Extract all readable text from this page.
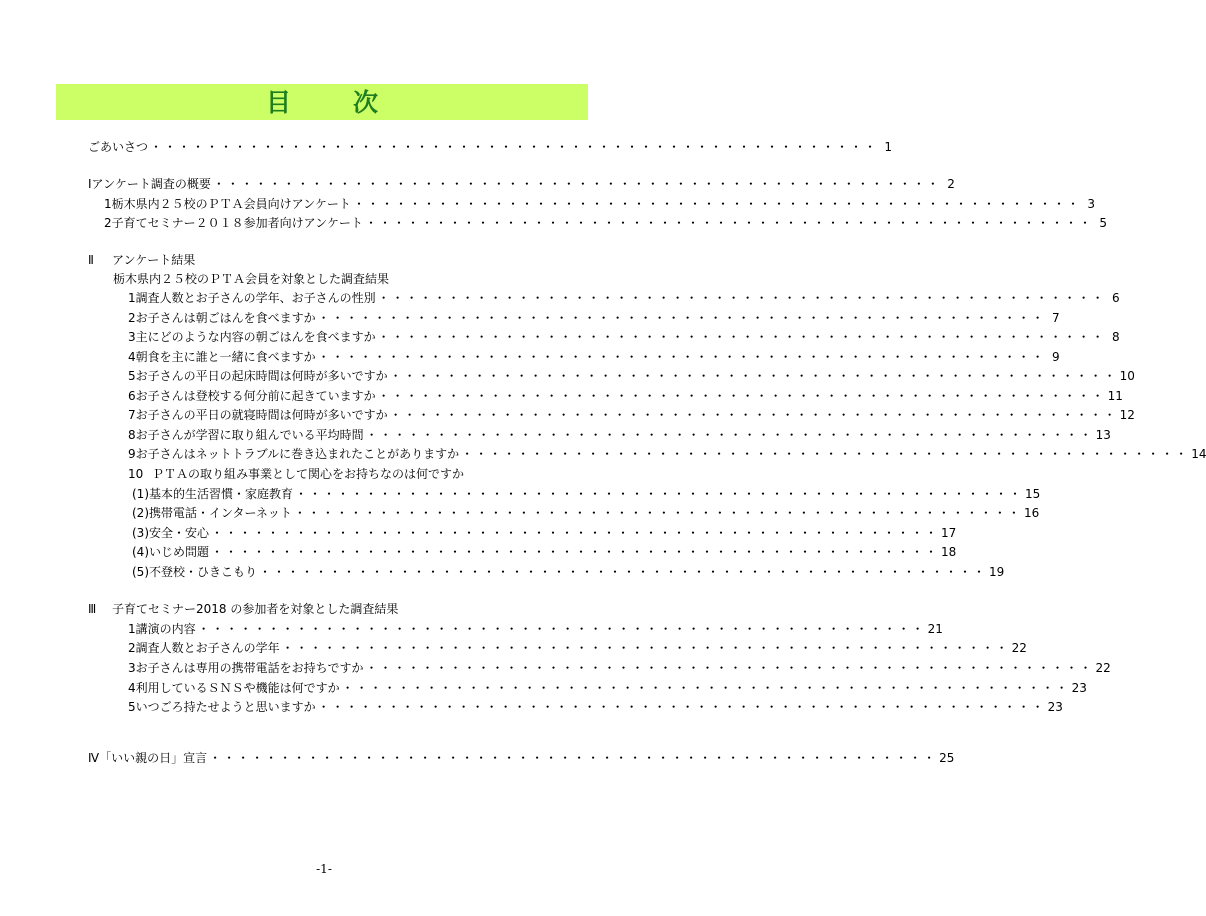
目 次
ごあいさつ ・・・・・・・・・・・・・・・・・・・・・・・・・・・・・・・・・・・・・・・・・・・・・・・・・・・・ 1
Ⅰ アンケート調査の概要 ・・・・・・・・・・・・・・・・・・・・・・・・・・・・・・・・・・・・・・・・・・・・・・・・・・・・ 2
1 栃木県内２５校のＰＴＡ会員向けアンケート ・・・・・・・・・・・・・・・・・・・・・・・・・・・・・・・・・・・・・・・・・・・・・・・・・・・・ 3
2 子育てセミナー２０１８参加者向けアンケート ・・・・・・・・・・・・・・・・・・・・・・・・・・・・・・・・・・・・・・・・・・・・・・・・・・・・ 5
Ⅱ アンケート結果
栃木県内２５校のＰＴＡ会員を対象とした調査結果
1 調査人数とお子さんの学年、お子さんの性別 ・・・・・・・・・・・・・・・・・・・・・・・・・・・・・・・・・・・・・・・・・・・・・・・・・・・・ 6
2 お子さんは朝ごはんを食べますか ・・・・・・・・・・・・・・・・・・・・・・・・・・・・・・・・・・・・・・・・・・・・・・・・・・・・ 7
3 主にどのような内容の朝ごはんを食べますか ・・・・・・・・・・・・・・・・・・・・・・・・・・・・・・・・・・・・・・・・・・・・・・・・・・・・ 8
4 朝食を主に誰と一緒に食べますか ・・・・・・・・・・・・・・・・・・・・・・・・・・・・・・・・・・・・・・・・・・・・・・・・・・・・ 9
5 お子さんの平日の起床時間は何時が多いですか ・・・・・・・・・・・・・・・・・・・・・・・・・・・・・・・・・・・・・・・・・・・・・・・・・・・・ 10
6 お子さんは登校する何分前に起きていますか ・・・・・・・・・・・・・・・・・・・・・・・・・・・・・・・・・・・・・・・・・・・・・・・・・・・・ 11
7 お子さんの平日の就寝時間は何時が多いですか ・・・・・・・・・・・・・・・・・・・・・・・・・・・・・・・・・・・・・・・・・・・・・・・・・・・・ 12
8 お子さんが学習に取り組んでいる平均時間 ・・・・・・・・・・・・・・・・・・・・・・・・・・・・・・・・・・・・・・・・・・・・・・・・・・・・ 13
9 お子さんはネットトラブルに巻き込まれたことがありますか ・・・・・・・・・・・・・・・・・・・・・・・・・・・・・・・・・・・・・・・・・・・・・・・・・・・・ 14
10 ＰＴＡの取り組み事業として関心をお持ちなのは何ですか
(1) 基本的生活習慣・家庭教育 ・・・・・・・・・・・・・・・・・・・・・・・・・・・・・・・・・・・・・・・・・・・・・・・・・・・・ 15
(2) 携帯電話・インターネット ・・・・・・・・・・・・・・・・・・・・・・・・・・・・・・・・・・・・・・・・・・・・・・・・・・・・ 16
(3) 安全・安心 ・・・・・・・・・・・・・・・・・・・・・・・・・・・・・・・・・・・・・・・・・・・・・・・・・・・・ 17
(4) いじめ問題 ・・・・・・・・・・・・・・・・・・・・・・・・・・・・・・・・・・・・・・・・・・・・・・・・・・・・ 18
(5) 不登校・ひきこもり ・・・・・・・・・・・・・・・・・・・・・・・・・・・・・・・・・・・・・・・・・・・・・・・・・・・・ 19
Ⅲ 子育てセミナー2018 の参加者を対象とした調査結果
1 講演の内容 ・・・・・・・・・・・・・・・・・・・・・・・・・・・・・・・・・・・・・・・・・・・・・・・・・・・・ 21
2 調査人数とお子さんの学年 ・・・・・・・・・・・・・・・・・・・・・・・・・・・・・・・・・・・・・・・・・・・・・・・・・・・・ 22
3 お子さんは専用の携帯電話をお持ちですか ・・・・・・・・・・・・・・・・・・・・・・・・・・・・・・・・・・・・・・・・・・・・・・・・・・・・ 22
4 利用しているＳＮＳや機能は何ですか ・・・・・・・・・・・・・・・・・・・・・・・・・・・・・・・・・・・・・・・・・・・・・・・・・・・・ 23
5 いつごろ持たせようと思いますか ・・・・・・・・・・・・・・・・・・・・・・・・・・・・・・・・・・・・・・・・・・・・・・・・・・・・ 23
Ⅳ 「いい親の日」宣言 ・・・・・・・・・・・・・・・・・・・・・・・・・・・・・・・・・・・・・・・・・・・・・・・・・・・・ 25
-1-
